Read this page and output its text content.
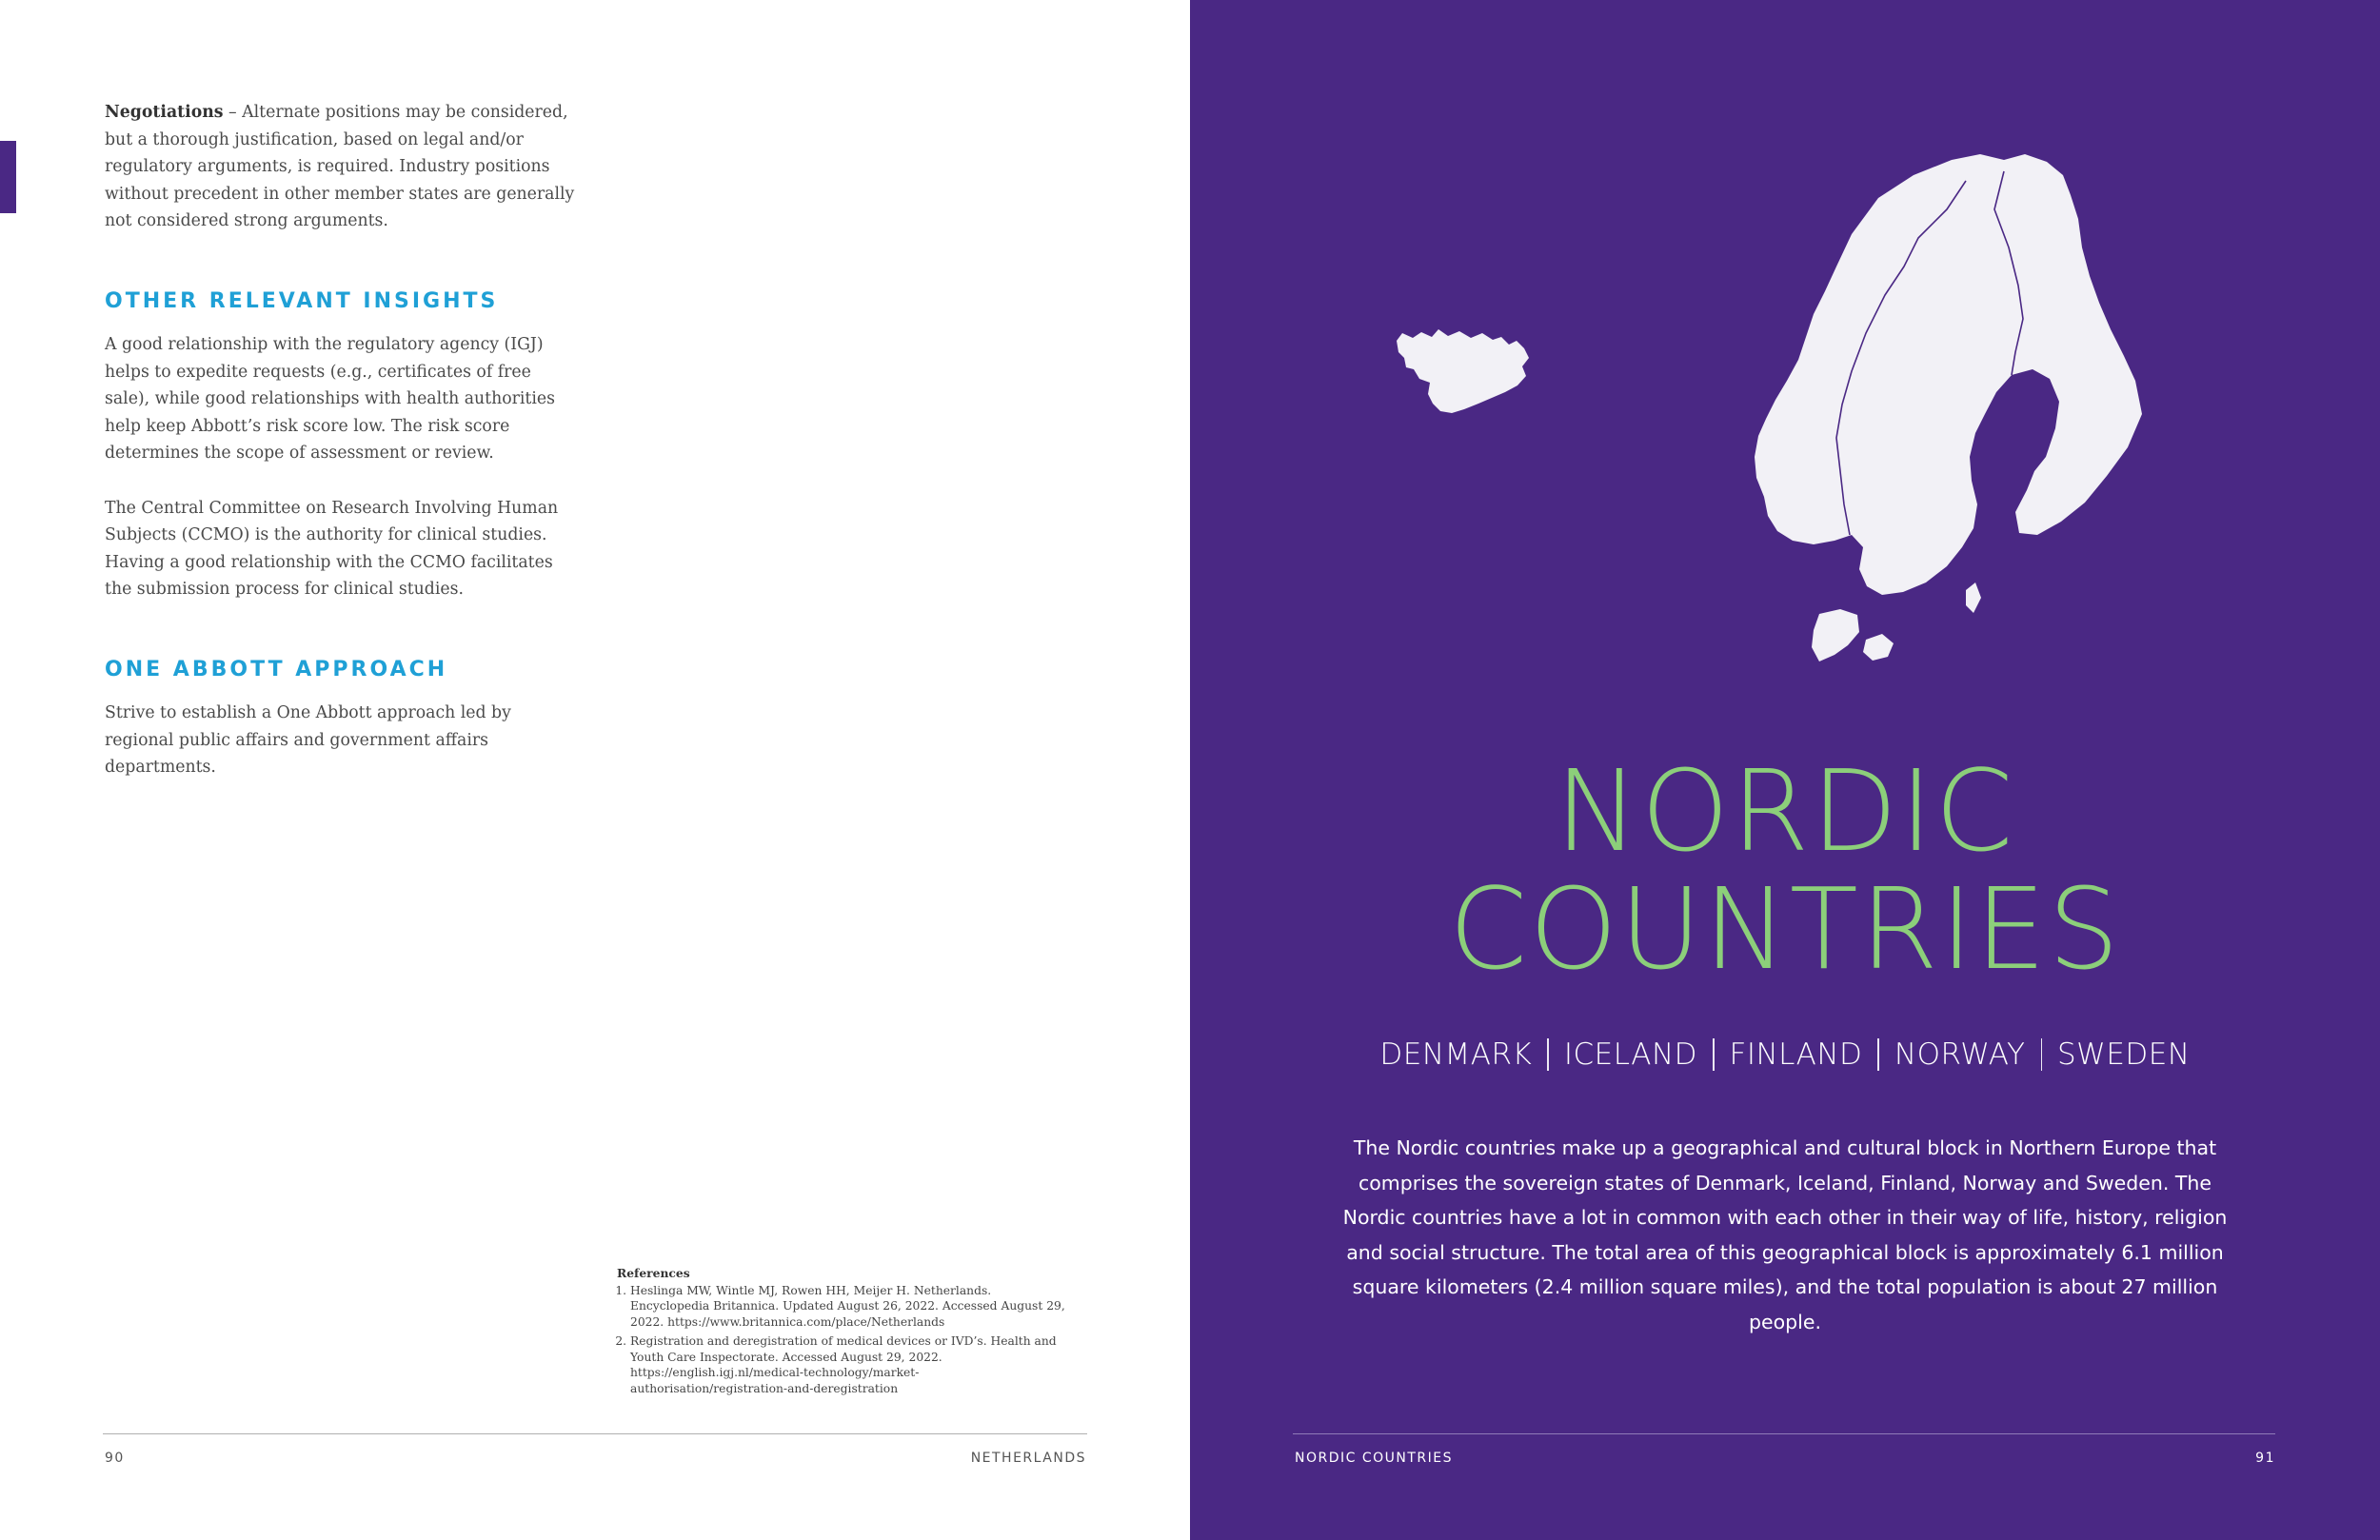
Negotiations – Alternate positions may be considered, but a thorough justification, based on legal and/or regulatory arguments, is required. Industry positions without precedent in other member states are generally not considered strong arguments.

OTHER RELEVANT INSIGHTS

A good relationship with the regulatory agency (IGJ) helps to expedite requests (e.g., certificates of free sale), while good relationships with health authorities help keep Abbott’s risk score low. The risk score determines the scope of assessment or review.

The Central Committee on Research Involving Human Subjects (CCMO) is the authority for clinical studies. Having a good relationship with the CCMO facilitates the submission process for clinical studies.

ONE ABBOTT APPROACH

Strive to establish a One Abbott approach led by regional public affairs and government affairs departments.

References
1. Heslinga MW, Wintle MJ, Rowen HH, Meijer H. Netherlands. Encyclopedia Britannica. Updated August 26, 2022. Accessed August 29, 2022. https://www.britannica.com/place/Netherlands
2. Registration and deregistration of medical devices or IVD’s. Health and Youth Care Inspectorate. Accessed August 29, 2022. https://english.igj.nl/medical-technology/market-authorisation/registration-and-deregistration
90	NETHERLANDS
NORDIC
COUNTRIES
DENMARK ICELAND FINLAND NORWAY SWEDEN

The Nordic countries make up a geographical and cultural block in Northern Europe that comprises the sovereign states of Denmark, Iceland, Finland, Norway and Sweden. The Nordic countries have a lot in common with each other in their way of life, history, religion and social structure. The total area of this geographical block is approximately 6.1 million square kilometers (2.4 million square miles), and the total population is about 27 million people.

NORDIC COUNTRIES	91
